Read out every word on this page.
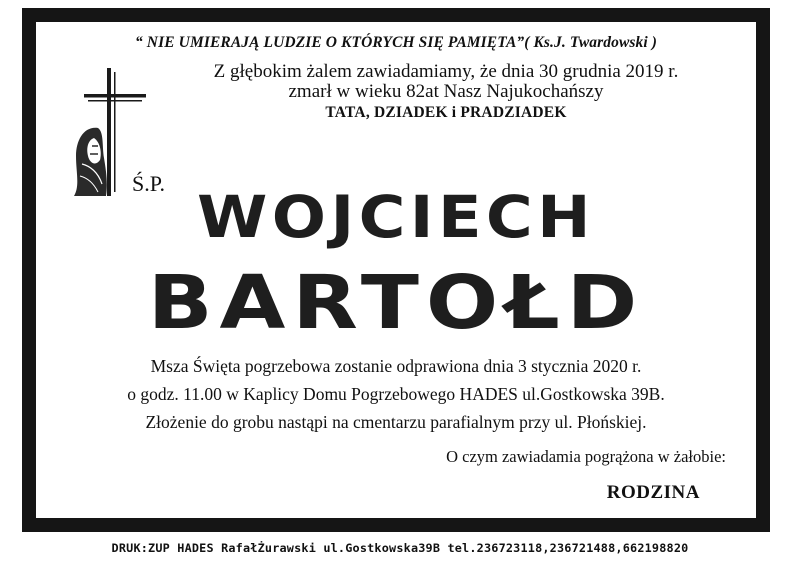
“ NIE UMIERAJĄ LUDZIE O KTÓRYCH SIĘ PAMIĘTA”( Ks.J. Twardowski )
Ś.P.
Z głębokim żalem zawiadamiamy, że dnia 30 grudnia 2019 r.
zmarł w wieku 82at Nasz Najukochańszy
TATA, DZIADEK i PRADZIADEK
WOJCIECH
BARTOŁD
Msza Święta pogrzebowa zostanie odprawiona dnia 3 stycznia 2020 r.
o godz. 11.00 w Kaplicy Domu Pogrzebowego HADES ul.Gostkowska 39B.
Złożenie do grobu nastąpi na cmentarzu parafialnym przy ul. Płońskiej.
O czym zawiadamia pogrążona w żałobie:
RODZINA
DRUK:ZUP HADES RafałŻurawski ul.Gostkowska39B tel.236723118,236721488,662198820
